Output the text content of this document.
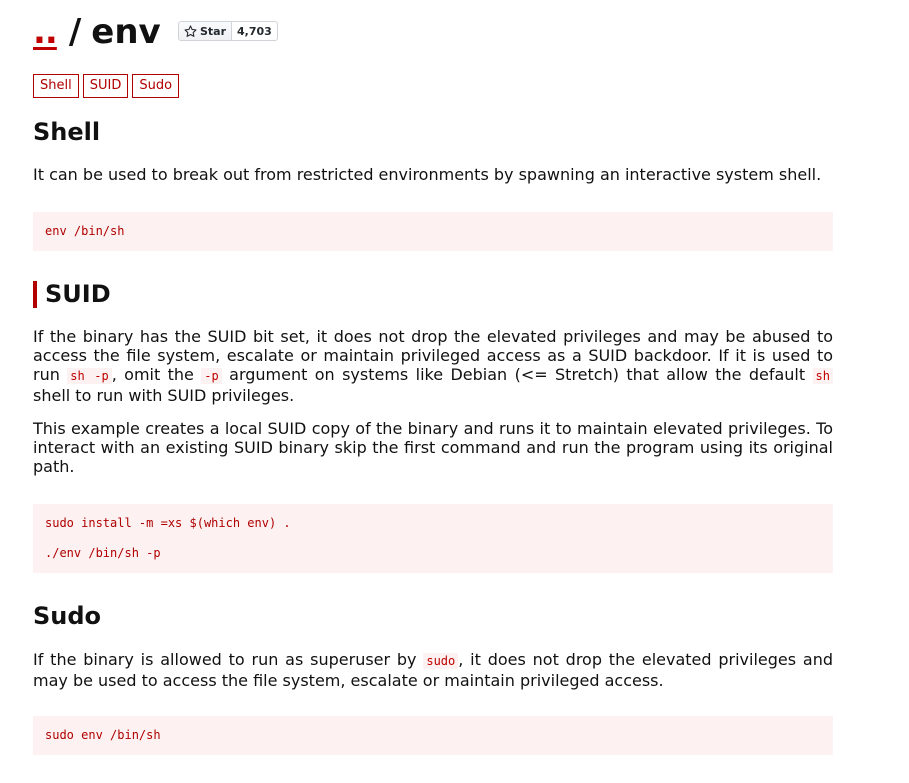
.. / env	Star	4,703
Shell	SUID	Sudo
Shell

It can be used to break out from restricted environments by spawning an interactive system shell.

env /bin/sh
SUID

If the binary has the SUID bit set, it does not drop the elevated privileges and may be abused to access the file system, escalate or maintain privileged access as a SUID backdoor. If it is used to run sh -p , omit the -p argument on systems like Debian (<= Stretch) that allow the default sh shell to run with SUID privileges.

This example creates a local SUID copy of the binary and runs it to maintain elevated privileges. To interact with an existing SUID binary skip the first command and run the program using its original path.

sudo install -m =xs $(which env) .
./env /bin/sh -p
Sudo

If the binary is allowed to run as superuser by sudo , it does not drop the elevated privileges and may be used to access the file system, escalate or maintain privileged access.

sudo env /bin/sh
